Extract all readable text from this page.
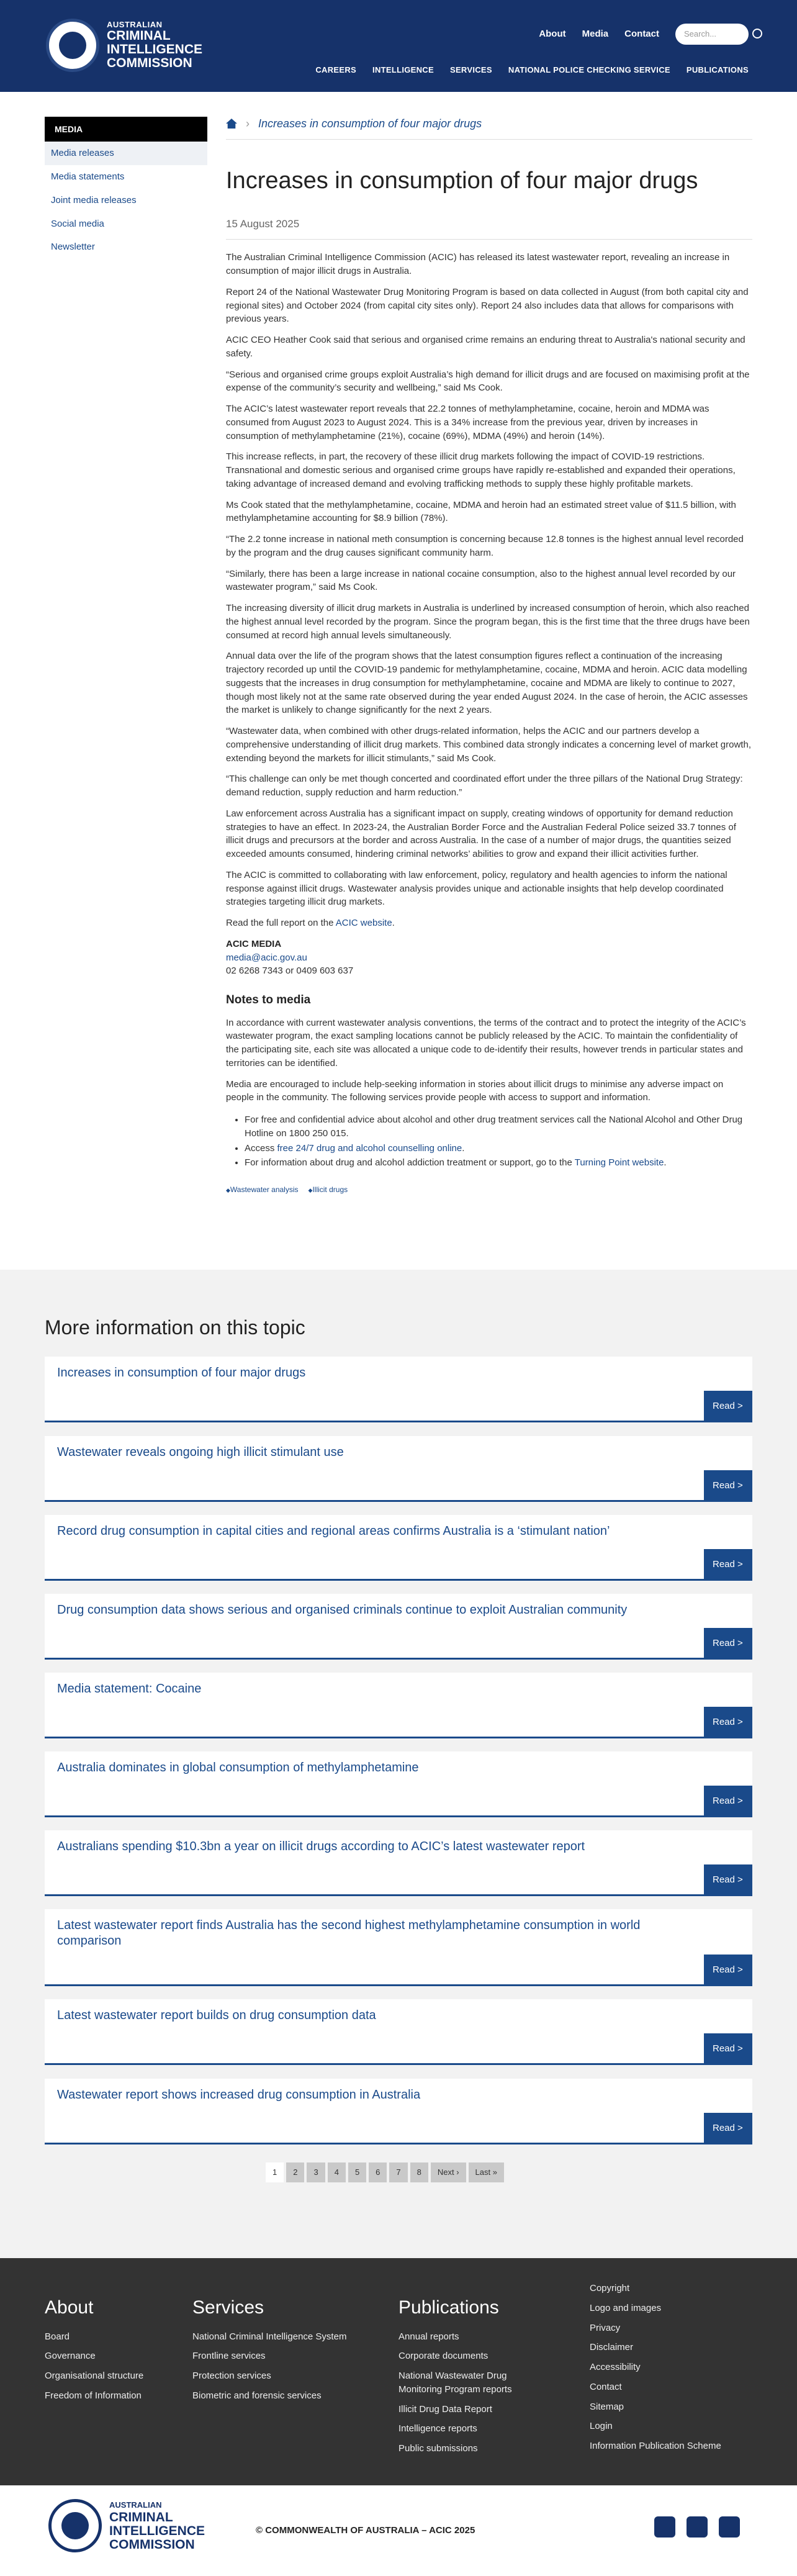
AUSTRALIAN
CRIMINAL
INTELLIGENCE
COMMISSION
About Media Contact	Search...
CAREERS INTELLIGENCE SERVICES NATIONAL POLICE CHECKING SERVICE PUBLICATIONS
MEDIA
Media releases
Media statements
Joint media releases
Social media
Newsletter
› Increases in consumption of four major drugs
Increases in consumption of four major drugs
15 August 2025

The Australian Criminal Intelligence Commission (ACIC) has released its latest wastewater report, revealing an increase in consumption of major illicit drugs in Australia.

Report 24 of the National Wastewater Drug Monitoring Program is based on data collected in August (from both capital city and regional sites) and October 2024 (from capital city sites only). Report 24 also includes data that allows for comparisons with previous years.

ACIC CEO Heather Cook said that serious and organised crime remains an enduring threat to Australia's national security and safety.

“Serious and organised crime groups exploit Australia’s high demand for illicit drugs and are focused on maximising profit at the expense of the community’s security and wellbeing,” said Ms Cook.

The ACIC’s latest wastewater report reveals that 22.2 tonnes of methylamphetamine, cocaine, heroin and MDMA was consumed from August 2023 to August 2024. This is a 34% increase from the previous year, driven by increases in consumption of methylamphetamine (21%), cocaine (69%), MDMA (49%) and heroin (14%).

This increase reflects, in part, the recovery of these illicit drug markets following the impact of COVID-19 restrictions. Transnational and domestic serious and organised crime groups have rapidly re-established and expanded their operations, taking advantage of increased demand and evolving trafficking methods to supply these highly profitable markets.

Ms Cook stated that the methylamphetamine, cocaine, MDMA and heroin had an estimated street value of $11.5 billion, with methylamphetamine accounting for $8.9 billion (78%).

“The 2.2 tonne increase in national meth consumption is concerning because 12.8 tonnes is the highest annual level recorded by the program and the drug causes significant community harm.

“Similarly, there has been a large increase in national cocaine consumption, also to the highest annual level recorded by our wastewater program,” said Ms Cook.

The increasing diversity of illicit drug markets in Australia is underlined by increased consumption of heroin, which also reached the highest annual level recorded by the program. Since the program began, this is the first time that the three drugs have been consumed at record high annual levels simultaneously.

Annual data over the life of the program shows that the latest consumption figures reflect a continuation of the increasing trajectory recorded up until the COVID-19 pandemic for methylamphetamine, cocaine, MDMA and heroin. ACIC data modelling suggests that the increases in drug consumption for methylamphetamine, cocaine and MDMA are likely to continue to 2027, though most likely not at the same rate observed during the year ended August 2024. In the case of heroin, the ACIC assesses the market is unlikely to change significantly for the next 2 years.

“Wastewater data, when combined with other drugs-related information, helps the ACIC and our partners develop a comprehensive understanding of illicit drug markets. This combined data strongly indicates a concerning level of market growth, extending beyond the markets for illicit stimulants,” said Ms Cook.

“This challenge can only be met though concerted and coordinated effort under the three pillars of the National Drug Strategy: demand reduction, supply reduction and harm reduction.”

Law enforcement across Australia has a significant impact on supply, creating windows of opportunity for demand reduction strategies to have an effect. In 2023-24, the Australian Border Force and the Australian Federal Police seized 33.7 tonnes of illicit drugs and precursors at the border and across Australia. In the case of a number of major drugs, the quantities seized exceeded amounts consumed, hindering criminal networks’ abilities to grow and expand their illicit activities further.

The ACIC is committed to collaborating with law enforcement, policy, regulatory and health agencies to inform the national response against illicit drugs. Wastewater analysis provides unique and actionable insights that help develop coordinated strategies targeting illicit drug markets.

Read the full report on the ACIC website.

ACIC MEDIA
media@acic.gov.au
02 6268 7343 or 0409 603 637

Notes to media

In accordance with current wastewater analysis conventions, the terms of the contract and to protect the integrity of the ACIC’s wastewater program, the exact sampling locations cannot be publicly released by the ACIC. To maintain the confidentiality of the participating site, each site was allocated a unique code to de-identify their results, however trends in particular states and territories can be identified.

Media are encouraged to include help-seeking information in stories about illicit drugs to minimise any adverse impact on people in the community. The following services provide people with access to support and information.

• For free and confidential advice about alcohol and other drug treatment services call the National Alcohol and Other Drug Hotline on 1800 250 015.
• Access free 24/7 drug and alcohol counselling online.
• For information about drug and alcohol addiction treatment or support, go to the Turning Point website.
◆ Wastewater analysis
◆	Illicit drugs
More information on this topic
Increases in consumption of four major drugs
Read >
Wastewater reveals ongoing high illicit stimulant use
Read >
Record drug consumption in capital cities and regional areas confirms Australia is a ‘stimulant nation’
Read >
Drug consumption data shows serious and organised criminals continue to exploit Australian community
Read >
Media statement: Cocaine
Read >
Australia dominates in global consumption of methylamphetamine
Read >
Australians spending $10.3bn a year on illicit drugs according to ACIC’s latest wastewater report
Read >
Latest wastewater report finds Australia has the second highest methylamphetamine consumption in world comparison
Read >
Latest wastewater report builds on drug consumption data
Read >
Wastewater report shows increased drug consumption in Australia
Read >
1	2	3	4	5	6	7	8	Next ›	Last »
About
Board
Governance
Organisational structure
Freedom of Information
Services
National Criminal Intelligence System
Frontline services
Protection services
Biometric and forensic services
Publications
Annual reports
Corporate documents
National Wastewater Drug Monitoring Program reports
Illicit Drug Data Report
Intelligence reports
Public submissions
Copyright
Logo and images
Privacy
Disclaimer
Accessibility
Contact
Sitemap
Login
Information Publication Scheme
AUSTRALIAN
CRIMINAL
INTELLIGENCE
COMMISSION
© COMMONWEALTH OF AUSTRALIA – ACIC 2025
